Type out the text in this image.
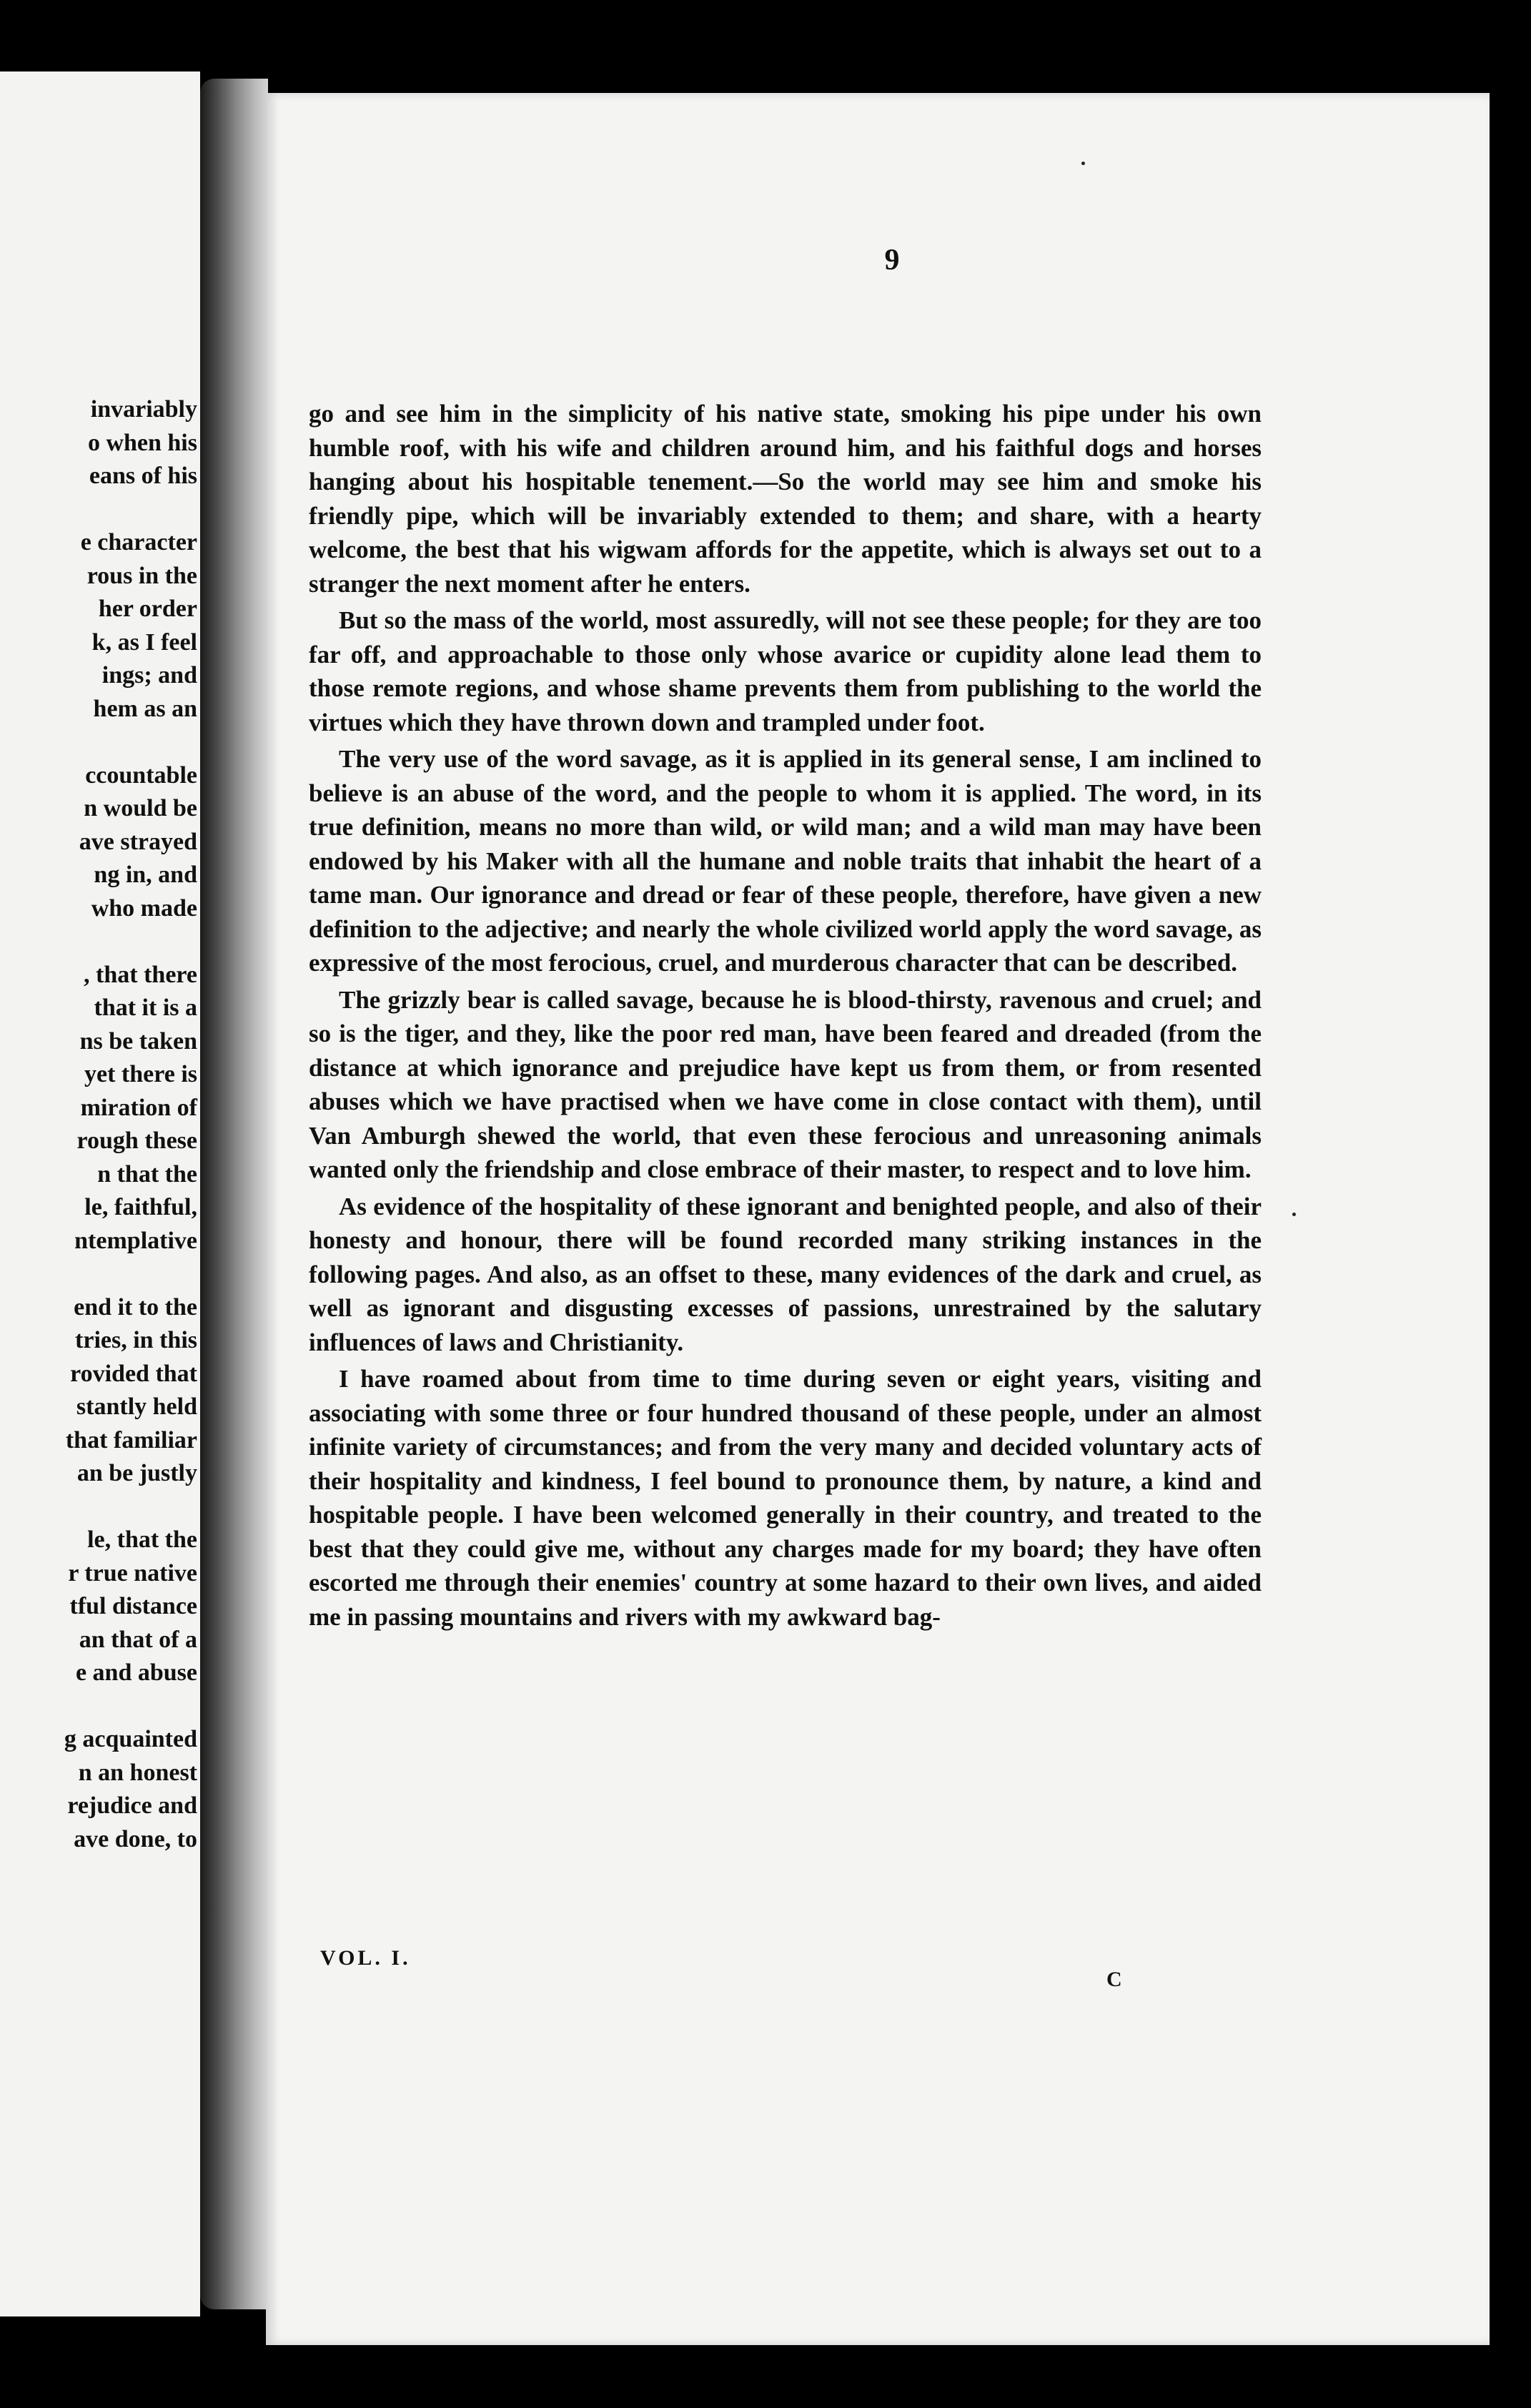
invariably
o when his
eans of his
e character
rous in the
her order
k, as I feel
ings; and
hem as an
ccountable
n would be
ave strayed
ng in, and
who made
, that there
that it is a
ns be taken
yet there is
miration of
rough these
n that the
le, faithful,
ntemplative
end it to the
tries, in this
rovided that
stantly held
that familiar
an be justly
le, that the
r true native
tful distance
an that of a
e and abuse
g acquainted
n an honest
rejudice and
ave done, to
9

go and see him in the simplicity of his native state, smoking his pipe under his own humble roof, with his wife and children around him, and his faithful dogs and horses hanging about his hospitable tenement.—So the world may see him and smoke his friendly pipe, which will be invariably extended to them; and share, with a hearty welcome, the best that his wigwam affords for the appetite, which is always set out to a stranger the next moment after he enters.

But so the mass of the world, most assuredly, will not see these people; for they are too far off, and approachable to those only whose avarice or cupidity alone lead them to those remote regions, and whose shame prevents them from publishing to the world the virtues which they have thrown down and trampled under foot.

The very use of the word savage, as it is applied in its general sense, I am inclined to believe is an abuse of the word, and the people to whom it is applied. The word, in its true definition, means no more than wild, or wild man; and a wild man may have been endowed by his Maker with all the humane and noble traits that inhabit the heart of a tame man. Our ignorance and dread or fear of these people, therefore, have given a new definition to the adjective; and nearly the whole civilized world apply the word savage, as expressive of the most ferocious, cruel, and murderous character that can be described.

The grizzly bear is called savage, because he is blood-thirsty, ravenous and cruel; and so is the tiger, and they, like the poor red man, have been feared and dreaded (from the distance at which ignorance and prejudice have kept us from them, or from resented abuses which we have practised when we have come in close contact with them), until Van Amburgh shewed the world, that even these ferocious and unreasoning animals wanted only the friendship and close embrace of their master, to respect and to love him.

As evidence of the hospitality of these ignorant and benighted people, and also of their honesty and honour, there will be found recorded many striking instances in the following pages. And also, as an offset to these, many evidences of the dark and cruel, as well as ignorant and disgusting excesses of passions, unrestrained by the salutary influences of laws and Christianity.

I have roamed about from time to time during seven or eight years, visiting and associating with some three or four hundred thousand of these people, under an almost infinite variety of circumstances; and from the very many and decided voluntary acts of their hospitality and kindness, I feel bound to pronounce them, by nature, a kind and hospitable people. I have been welcomed generally in their country, and treated to the best that they could give me, without any charges made for my board; they have often escorted me through their enemies' country at some hazard to their own lives, and aided me in passing mountains and rivers with my awkward bag-

VOL. I.
C
